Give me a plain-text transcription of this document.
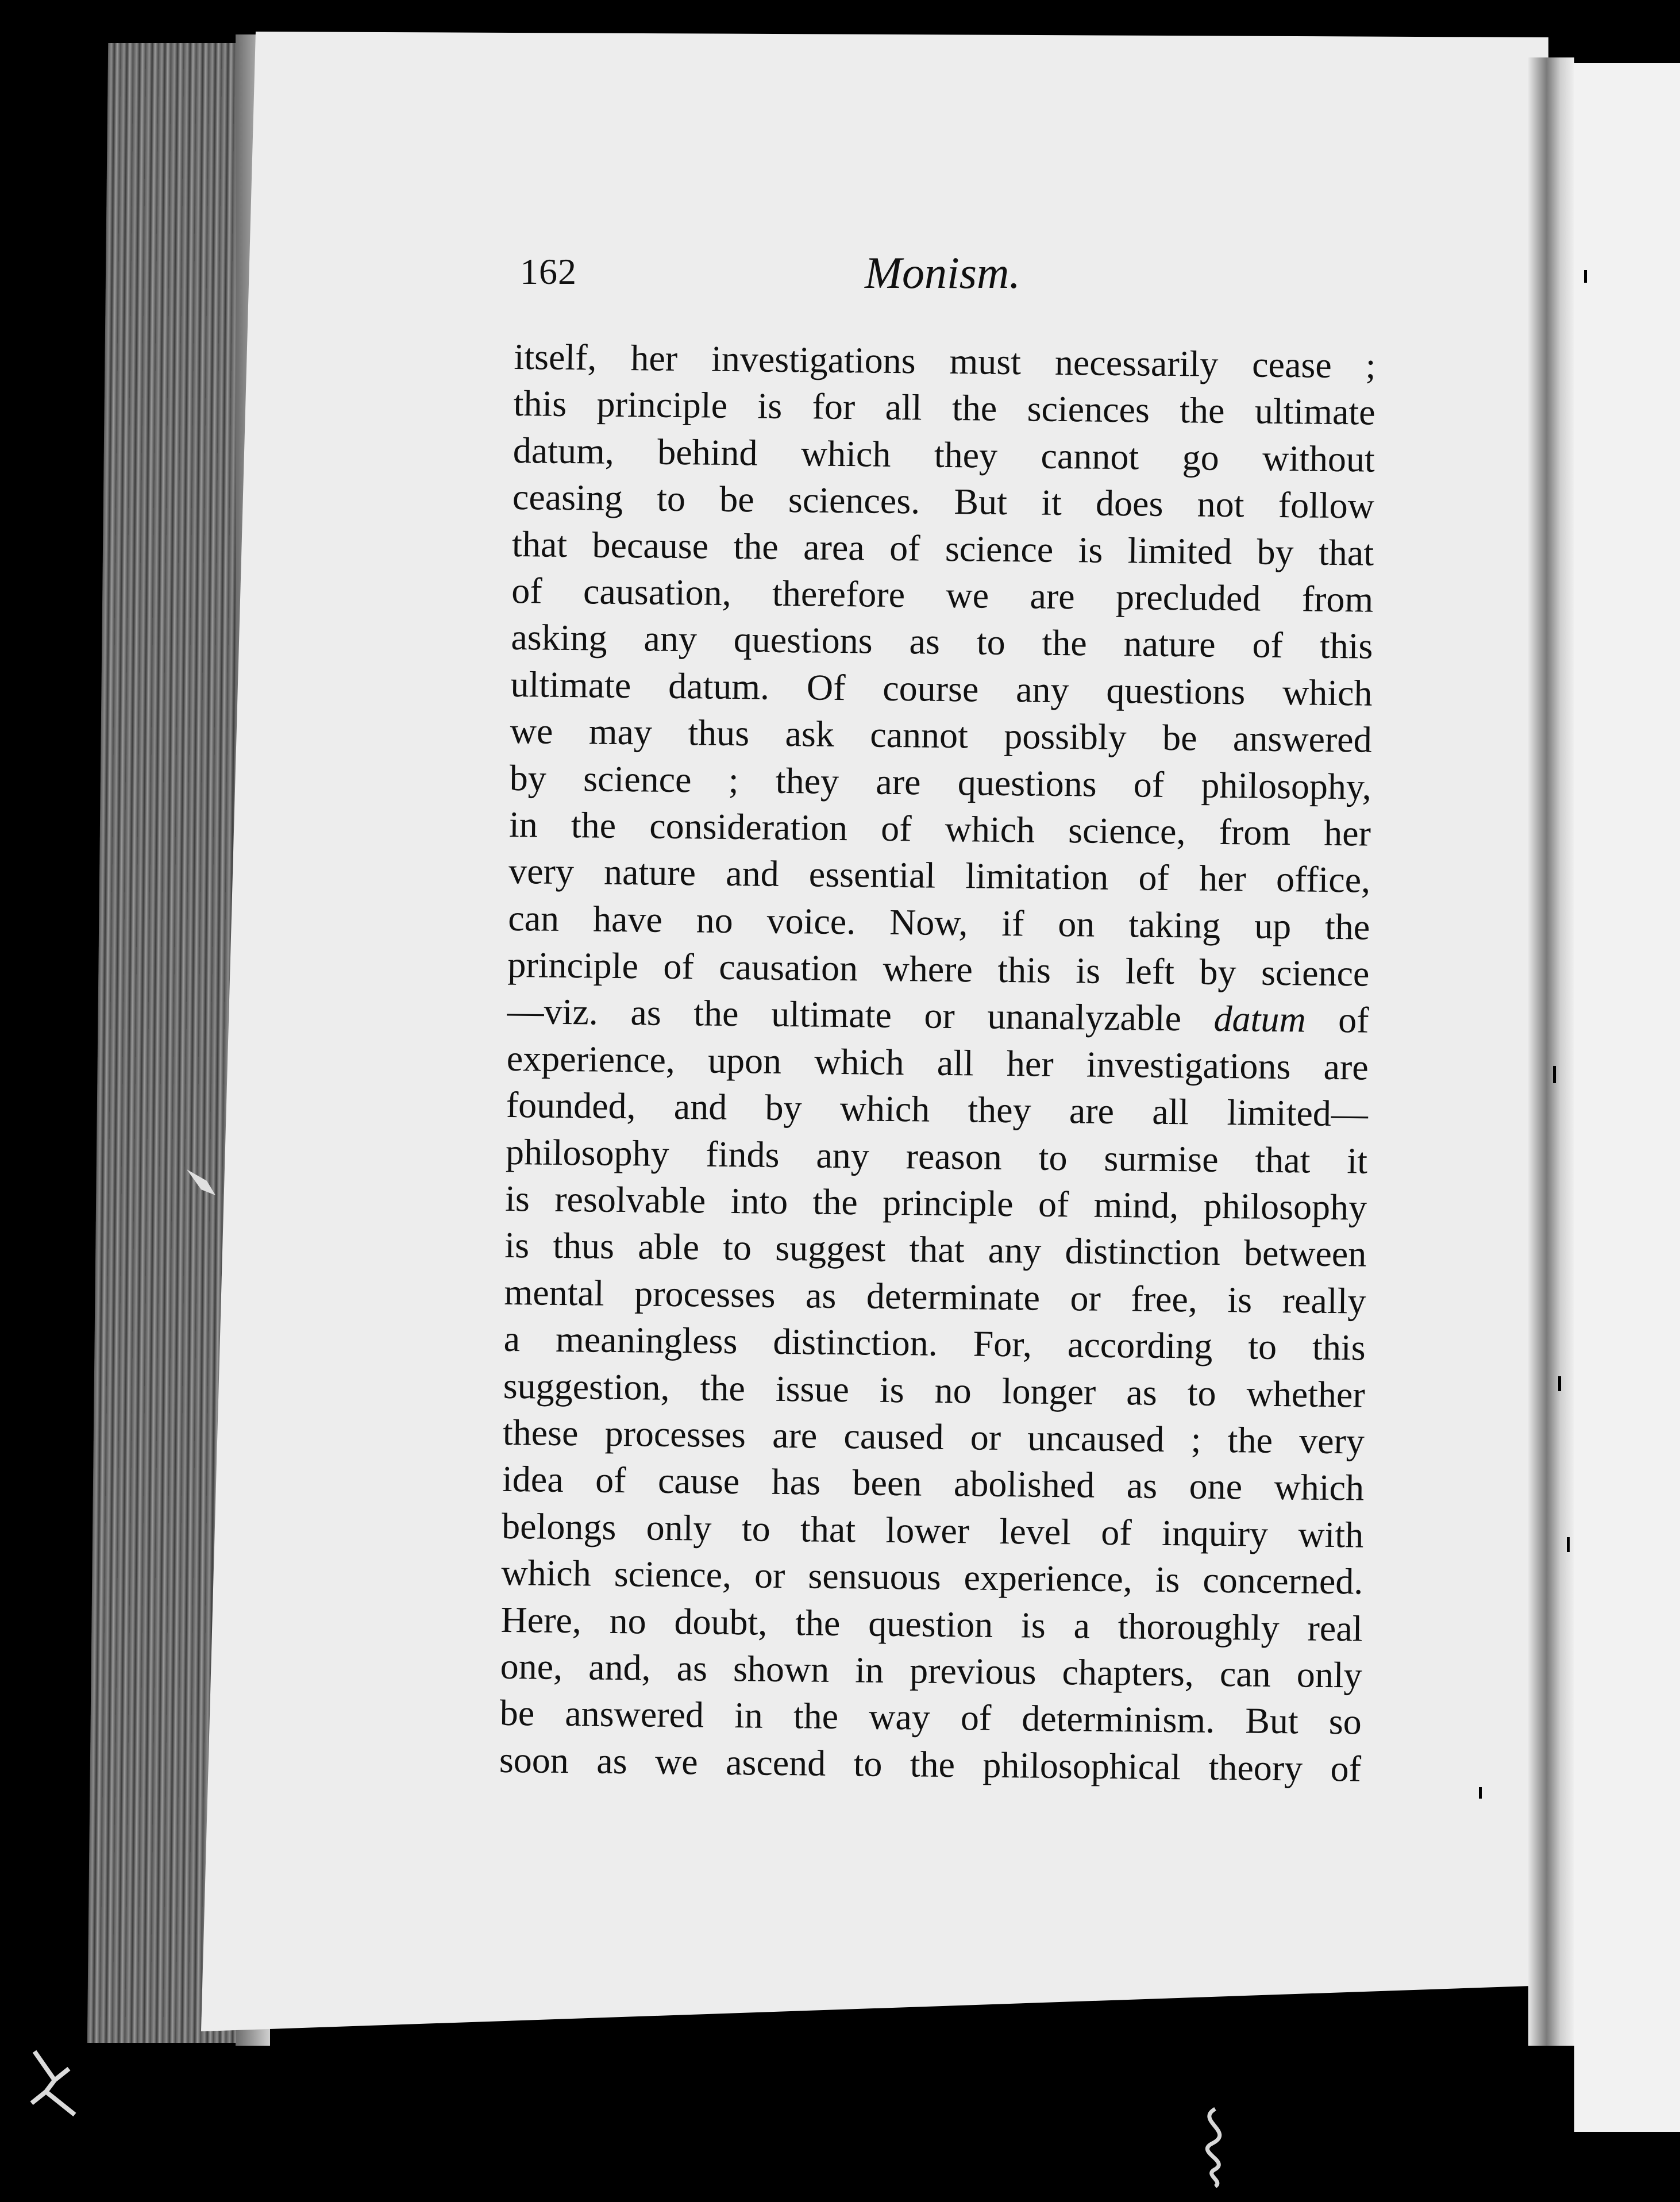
162	Monism.
itself, her investigations must necessarily cease ;
this principle is for all the sciences the ultimate
datum, behind which they cannot go without
ceasing to be sciences. But it does not follow
that because the area of science is limited by that
of causation, therefore we are precluded from
asking any questions as to the nature of this
ultimate datum. Of course any questions which
we may thus ask cannot possibly be answered
by science ; they are questions of philosophy,
in the consideration of which science, from her
very nature and essential limitation of her office,
can have no voice. Now, if on taking up the
principle of causation where this is left by science
—viz. as the ultimate or unanalyzable datum of
experience, upon which all her investigations are
founded, and by which they are all limited—
philosophy finds any reason to surmise that it
is resolvable into the principle of mind, philosophy
is thus able to suggest that any distinction between
mental processes as determinate or free, is really
a meaningless distinction. For, according to this
suggestion, the issue is no longer as to whether
these processes are caused or uncaused ; the very
idea of cause has been abolished as one which
belongs only to that lower level of inquiry with
which science, or sensuous experience, is concerned.
Here, no doubt, the question is a thoroughly real
one, and, as shown in previous chapters, can only
be answered in the way of determinism. But so
soon as we ascend to the philosophical theory of
